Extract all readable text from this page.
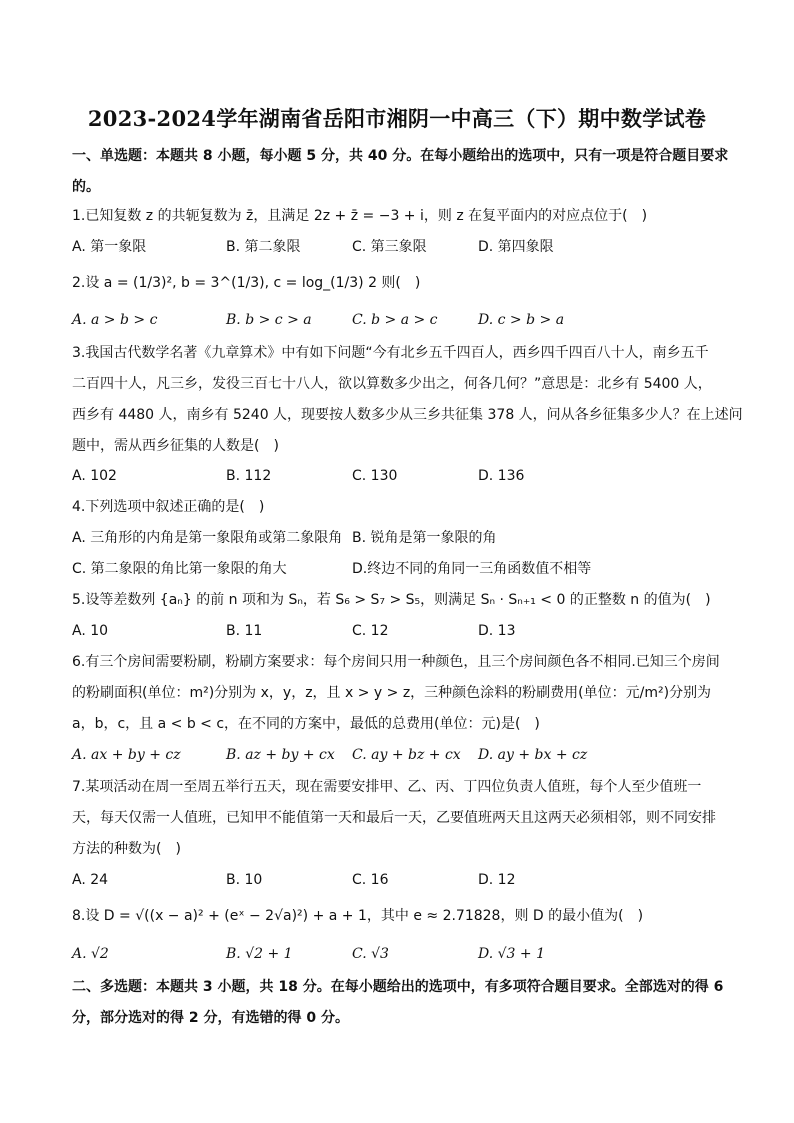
2023-2024学年湖南省岳阳市湘阴一中高三（下）期中数学试卷
一、单选题：本题共 8 小题，每小题 5 分，共 40 分。在每小题给出的选项中，只有一项是符合题目要求
的。
1.已知复数 z 的共轭复数为 z̄，且满足 2z + z̄ = −3 + i，则 z 在复平面内的对应点位于(　)
A. 第一象限	B. 第二象限	C. 第三象限	D. 第四象限
2.设 a = (1/3)², b = 3^(1/3), c = log_(1/3) 2 则(　)
A. a > b > c	B. b > c > a	C. b > a > c	D. c > b > a
3.我国古代数学名著《九章算术》中有如下问题“今有北乡五千四百人，西乡四千四百八十人，南乡五千
二百四十人，凡三乡，发役三百七十八人，欲以算数多少出之，何各几何？”意思是：北乡有 5400 人，
西乡有 4480 人，南乡有 5240 人，现要按人数多少从三乡共征集 378 人，问从各乡征集多少人？在上述问
题中，需从西乡征集的人数是(　)
A. 102	B. 112	C. 130	D. 136
4.下列选项中叙述正确的是(　)
A. 三角形的内角是第一象限角或第二象限角 B. 锐角是第一象限的角
C. 第二象限的角比第一象限的角大	D.终边不同的角同一三角函数值不相等
5.设等差数列 {aₙ} 的前 n 项和为 Sₙ，若 S₆ > S₇ > S₅，则满足 Sₙ · Sₙ₊₁ < 0 的正整数 n 的值为(　)
A. 10	B. 11	C. 12	D. 13
6.有三个房间需要粉刷，粉刷方案要求：每个房间只用一种颜色，且三个房间颜色各不相同.已知三个房间
的粉刷面积(单位：m²)分别为 x，y，z，且 x > y > z，三种颜色涂料的粉刷费用(单位：元/m²)分别为
a，b，c，且 a < b < c，在不同的方案中，最低的总费用(单位：元)是(　)
A. ax + by + cz	B. az + by + cx C. ay + bz + cx D. ay + bx + cz
7.某项活动在周一至周五举行五天，现在需要安排甲、乙、丙、丁四位负责人值班，每个人至少值班一
天，每天仅需一人值班，已知甲不能值第一天和最后一天，乙要值班两天且这两天必须相邻，则不同安排
方法的种数为(　)
A. 24	B. 10	C. 16	D. 12
8.设 D = √((x − a)² + (eˣ − 2√a)²) + a + 1，其中 e ≈ 2.71828，则 D 的最小值为(　)
A. √2	B. √2 + 1	C. √3	D. √3 + 1
二、多选题：本题共 3 小题，共 18 分。在每小题给出的选项中，有多项符合题目要求。全部选对的得 6
分，部分选对的得 2 分，有选错的得 0 分。
